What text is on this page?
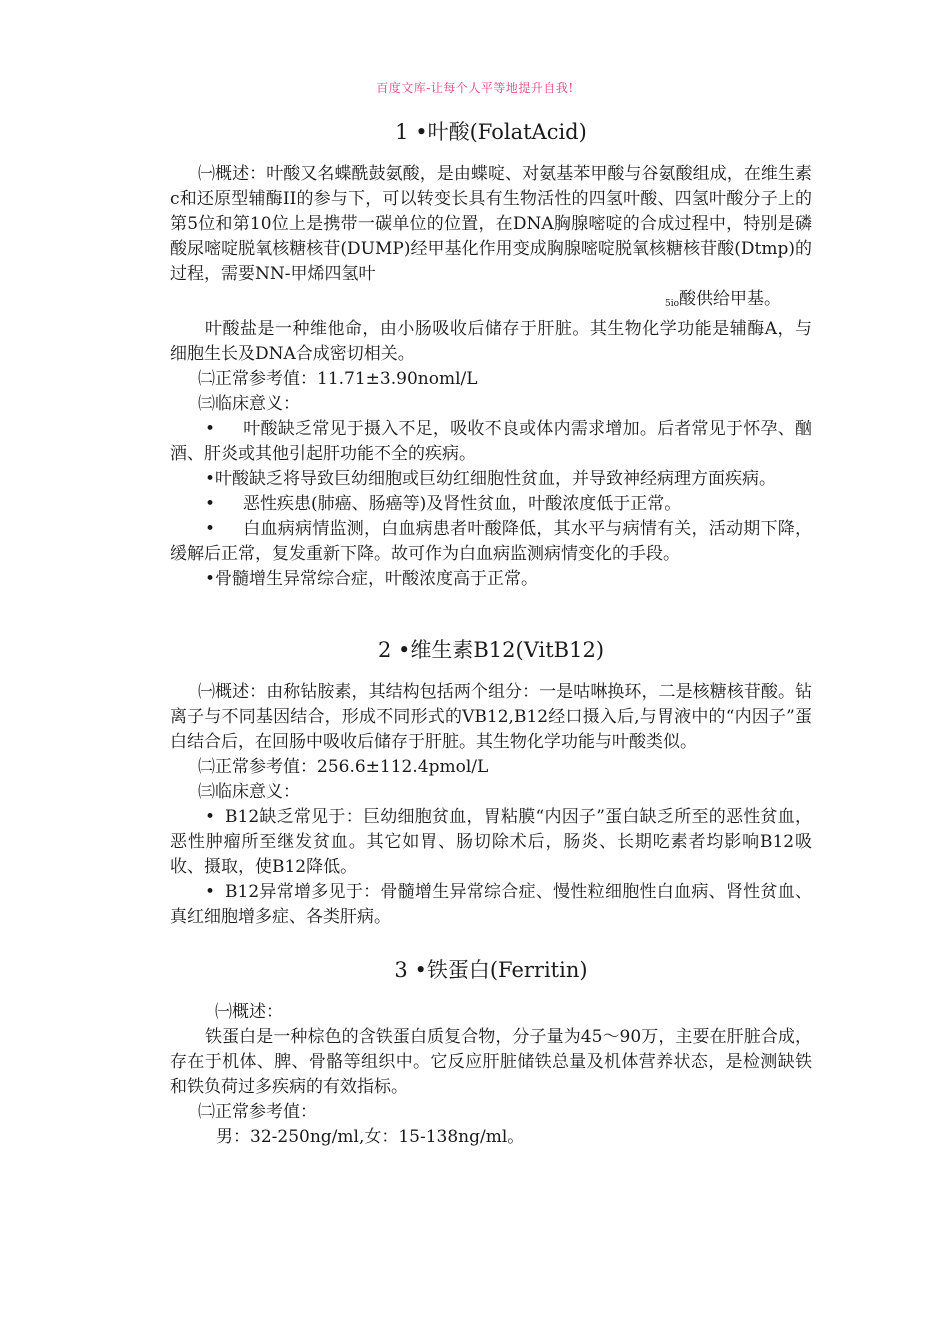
百度文库-让每个人平等地提升自我!
1 •叶酸(FolatAcid)

㈠概述：叶酸又名蝶酰鼓氨酸，是由蝶啶、对氨基苯甲酸与谷氨酸组成，在维生素c和还原型辅酶II的参与下，可以转变长具有生物活性的四氢叶酸、四氢叶酸分子上的第5位和第10位上是携带一碳单位的位置，在DNA胸腺嘧啶的合成过程中，特别是磷酸尿嘧啶脱氧核糖核苷(DUMP)经甲基化作用变成胸腺嘧啶脱氧核糖核苷酸(Dtmp)的过程，需要NN-甲烯四氢叶

$_{5io}$酸供给甲基。

叶酸盐是一种维他命，由小肠吸收后储存于肝脏。其生物化学功能是辅酶A，与细胞生长及DNA合成密切相关。

㈡正常参考值：11.71±3.90noml/L

㈢临床意义：

• 叶酸缺乏常见于摄入不足，吸收不良或体内需求增加。后者常见于怀孕、酗酒、肝炎或其他引起肝功能不全的疾病。

•叶酸缺乏将导致巨幼细胞或巨幼红细胞性贫血，并导致神经病理方面疾病。

• 恶性疾患(肺癌、肠癌等)及肾性贫血，叶酸浓度低于正常。

• 白血病病情监测，白血病患者叶酸降低，其水平与病情有关，活动期下降，缓解后正常，复发重新下降。故可作为白血病监测病情变化的手段。

•骨髓增生异常综合症，叶酸浓度高于正常。

2 •维生素B12(VitB12)

㈠概述：由称钻胺素，其结构包括两个组分：一是咕啉换环，二是核糖核苷酸。钻离子与不同基因结合，形成不同形式的VB12,B12经口摄入后,与胃液中的“内因子”蛋白结合后，在回肠中吸收后储存于肝脏。其生物化学功能与叶酸类似。

㈡正常参考值：256.6±112.4pmol/L

㈢临床意义：

• B12缺乏常见于：巨幼细胞贫血，胃粘膜“内因子”蛋白缺乏所至的恶性贫血，恶性肿瘤所至继发贫血。其它如胃、肠切除术后，肠炎、长期吃素者均影响B12吸收、摄取，使B12降低。

• B12异常增多见于：骨髓增生异常综合症、慢性粒细胞性白血病、肾性贫血、真红细胞增多症、各类肝病。

3 •铁蛋白(Ferritin)

㈠概述：

铁蛋白是一种棕色的含铁蛋白质复合物，分子量为45〜90万，主要在肝脏合成，存在于机体、脾、骨骼等组织中。它反应肝脏储铁总量及机体营养状态，是检测缺铁和铁负荷过多疾病的有效指标。

㈡正常参考值：

男：32-250ng/ml,女：15-138ng/ml。
